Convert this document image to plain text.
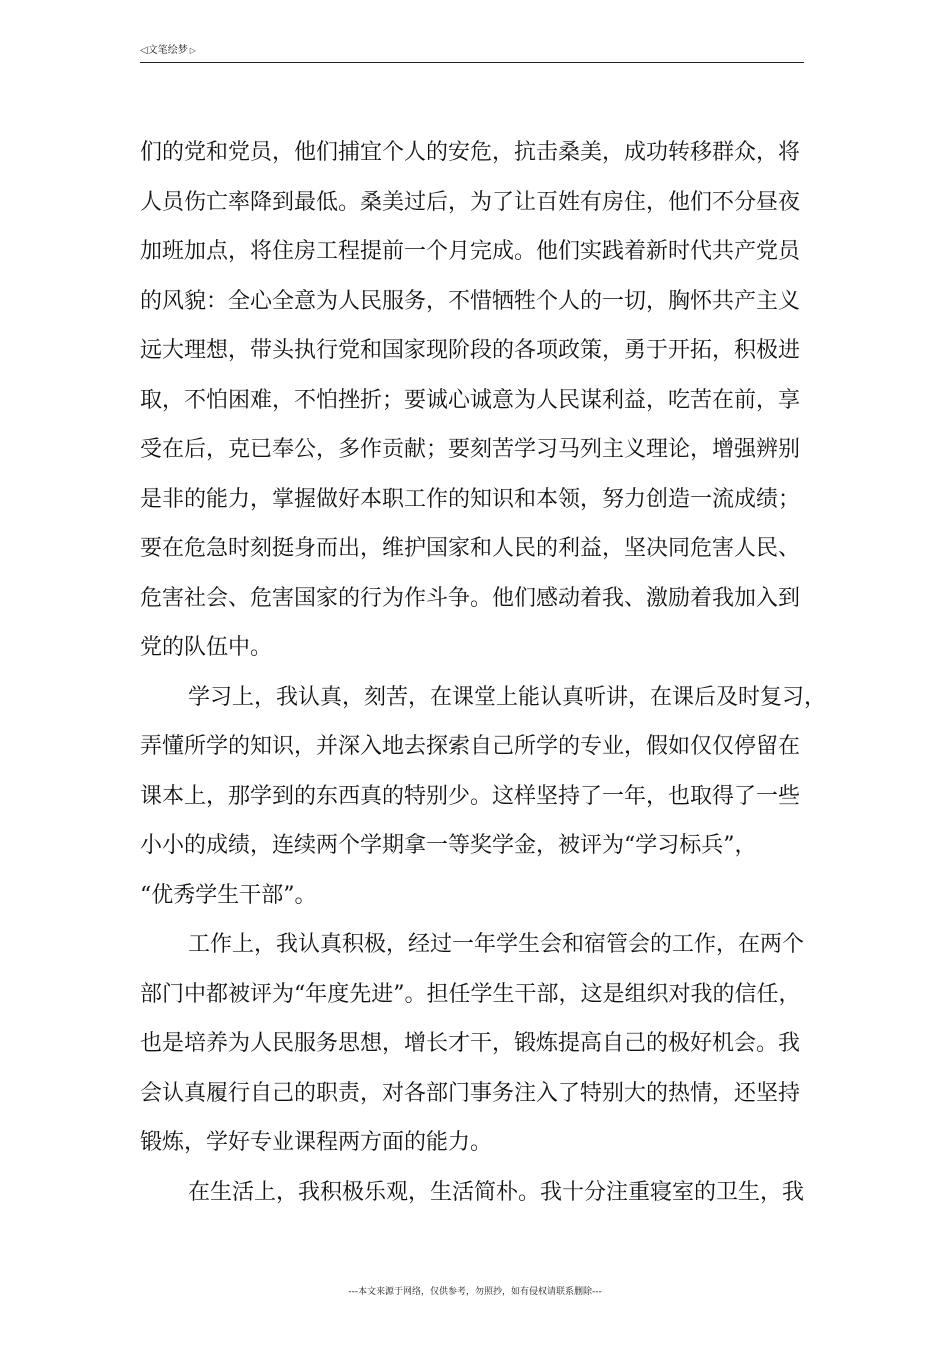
◁文笔绘梦 ▷
们的党和党员，他们捕宜个人的安危，抗击桑美，成功转移群众，将
人员伤亡率降到最低。桑美过后，为了让百姓有房住，他们不分昼夜
加班加点，将住房工程提前一个月完成。他们实践着新时代共产党员
的风貌：全心全意为人民服务，不惜牺牲个人的一切，胸怀共产主义
远大理想，带头执行党和国家现阶段的各项政策，勇于开拓，积极进
取，不怕困难，不怕挫折；要诚心诚意为人民谋利益，吃苦在前，享
受在后，克已奉公，多作贡献；要刻苦学习马列主义理论，增强辨别
是非的能力，掌握做好本职工作的知识和本领，努力创造一流成绩；
要在危急时刻挺身而出，维护国家和人民的利益，坚决同危害人民、
危害社会、危害国家的行为作斗争。他们感动着我、激励着我加入到
党的队伍中。
学习上，我认真，刻苦，在课堂上能认真听讲，在课后及时复习，
弄懂所学的知识，并深入地去探索自己所学的专业，假如仅仅停留在
课本上，那学到的东西真的特别少。这样坚持了一年，也取得了一些
小小的成绩，连续两个学期拿一等奖学金，被评为“学习标兵”，
“优秀学生干部”。
工作上，我认真积极，经过一年学生会和宿管会的工作，在两个
部门中都被评为“年度先进”。担任学生干部，这是组织对我的信任，
也是培养为人民服务思想，增长才干，锻炼提高自己的极好机会。我
会认真履行自己的职责，对各部门事务注入了特别大的热情，还坚持
锻炼，学好专业课程两方面的能力。
在生活上，我积极乐观，生活简朴。我十分注重寝室的卫生，我
---本文来源于网络，仅供参考，勿照抄，如有侵权请联系删除---
